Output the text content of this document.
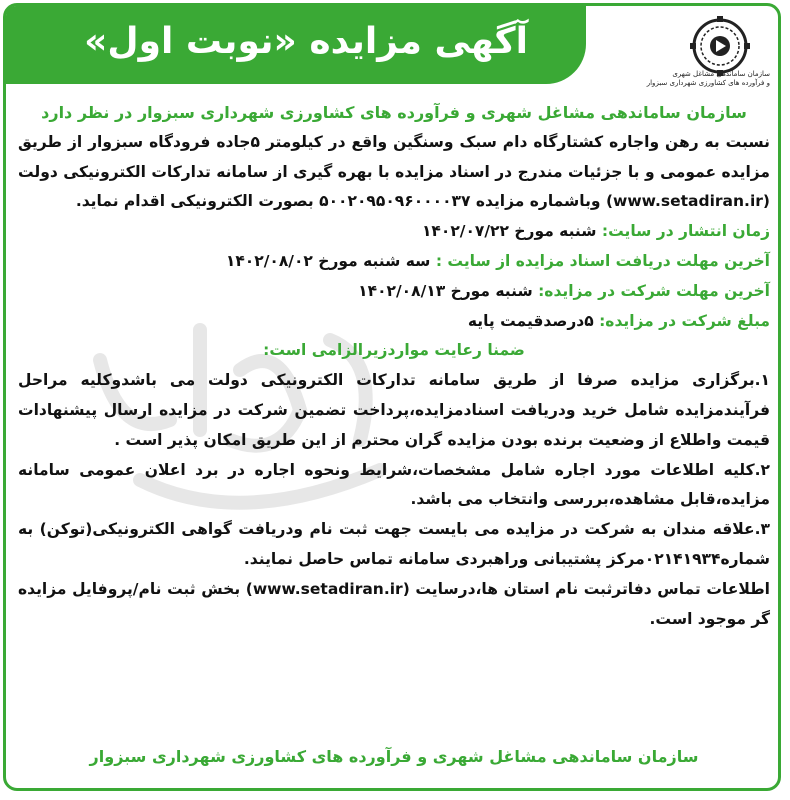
آگهی مزایده «نوبت اول»
سازمان ساماندهی مشاغل شهری
و فرآورده های کشاورزی شهرداری سبزوار
سازمان ساماندهی مشاغل شهری و فرآورده های کشاورزی شهرداری سبزوار در نظر دارد
نسبت به رهن واجاره کشتارگاه دام سبک وسنگین واقع در کیلومتر ۵جاده فرودگاه سبزوار از طریق مزایده عمومی و با جزئیات مندرج در اسناد مزایده با بهره گیری از سامانه تدارکات الکترونیکی دولت (www.setadiran.ir) وباشماره مزایده ۵۰۰۲۰۹۵۰۹۶۰۰۰۰۳۷ بصورت الکترونیکی اقدام نماید.
زمان انتشار در سایت: شنبه مورخ ۱۴۰۲/۰۷/۲۲
آخرین مهلت دریافت اسناد مزایده از سایت : سه شنبه مورخ ۱۴۰۲/۰۸/۰۲
آخرین مهلت شرکت در مزایده: شنبه مورخ ۱۴۰۲/۰۸/۱۳
مبلغ شرکت در مزایده: ۵درصدقیمت پایه
ضمنا رعایت مواردزیرالزامی است:
۱.برگزاری مزایده صرفا از طریق سامانه تدارکات الکترونیکی دولت می باشدوکلیه مراحل فرآیندمزایده شامل خرید ودریافت اسنادمزایده،پرداخت تضمین شرکت در مزایده ارسال پیشنهادات قیمت واطلاع از وضعیت برنده بودن مزایده گران محترم از این طریق امکان پذیر است .
۲.کلیه اطلاعات مورد اجاره شامل مشخصات،شرایط ونحوه اجاره در برد اعلان عمومی سامانه مزایده،قابل مشاهده،بررسی وانتخاب می باشد.
۳.علاقه مندان به شرکت در مزایده می بایست جهت ثبت نام ودریافت گواهی الکترونیکی(توکن) به شماره۰۲۱۴۱۹۳۴مرکز پشتیبانی وراهبردی سامانه تماس حاصل نمایند.
اطلاعات تماس دفاترثبت نام استان ها،درسایت (www.setadiran.ir) بخش ثبت نام/پروفایل مزایده گر موجود است.
سازمان ساماندهی مشاغل شهری و فرآورده های کشاورزی شهرداری سبزوار
